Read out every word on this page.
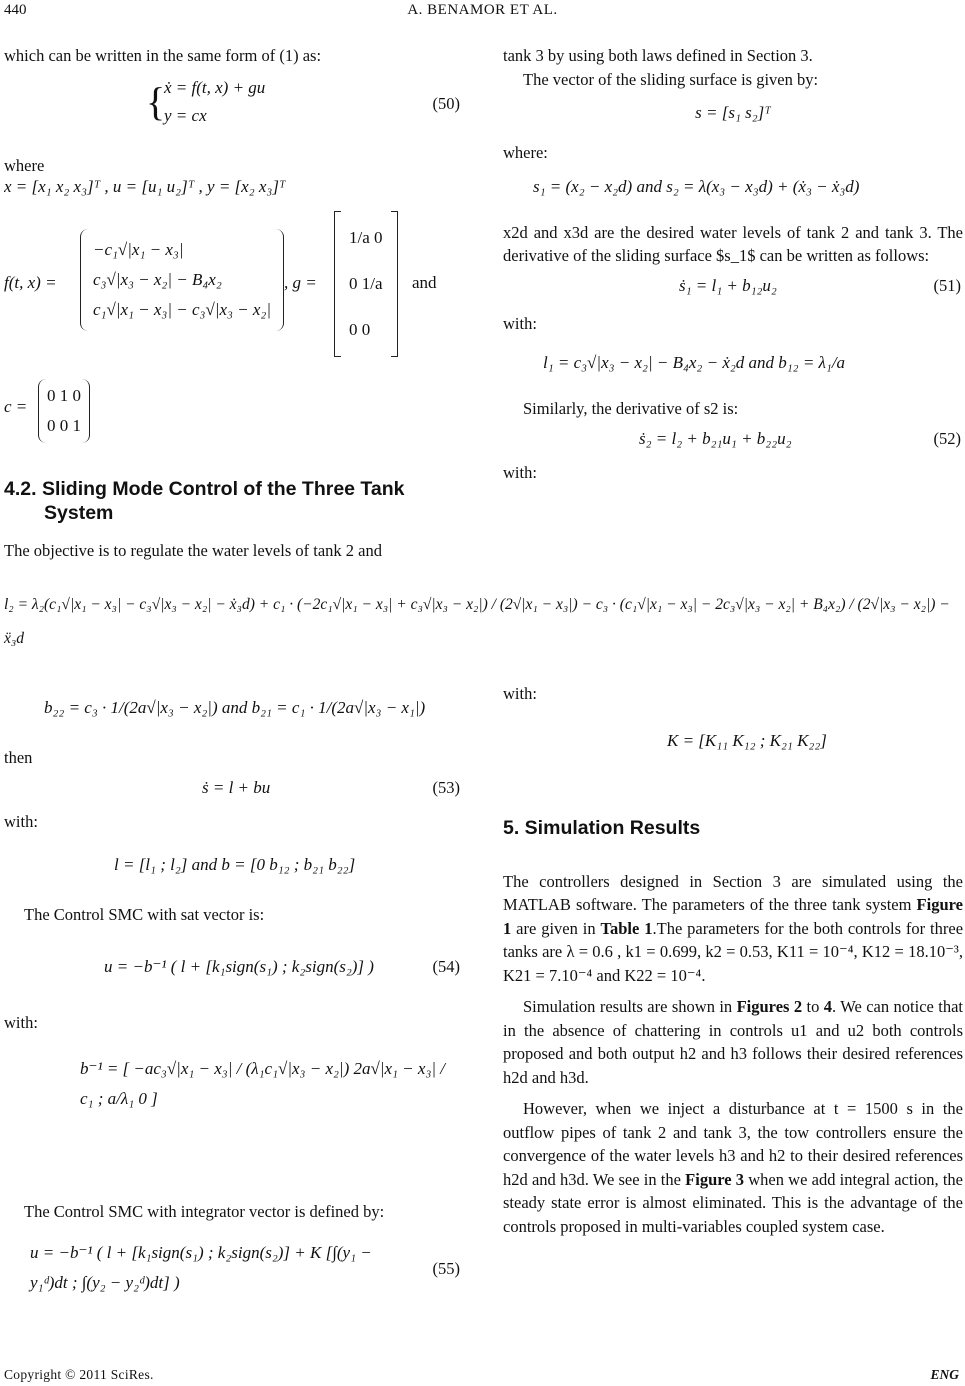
440	A. BENAMOR ET AL.

which can be written in the same form of (1) as:

{
ẋ = f(t, x) + gu
y = cx
(50)

where

x = [x₁ x₂ x₃]ᵀ , u = [u₁ u₂]ᵀ , y = [x₂ x₃]ᵀ
f(t, x) =
−c₁√|x₁ − x₃|
c₃√|x₃ − x₂| − B₄x₂
c₁√|x₁ − x₃| − c₃√|x₃ − x₂|
, g =
1/a 0
0 1/a
0 0
and
c =
0 1 0
0 0 1
4.2. Sliding Mode Control of the Three Tank
System

The objective is to regulate the water levels of tank 2 and

tank 3 by using both laws defined in Section 3.

The vector of the sliding surface is given by:

s = [s₁ s₂]ᵀ

where:

s₁ = (x₂ − x₂d) and s₂ = λ(x₃ − x₃d) + (ẋ₃ − ẋ₃d)

x2d and x3d are the desired water levels of tank 2 and tank 3. The derivative of the sliding surface $s_1$ can be written as follows:

ṡ₁ = l₁ + b₁₂u₂	(51)

with:

l₁ = c₃√|x₃ − x₂| − B₄x₂ − ẋ₂d and b₁₂ = λ₁/a

Similarly, the derivative of s2 is:

ṡ₂ = l₂ + b₂₁u₁ + b₂₂u₂	(52)

with:

l₂ = λ₂(c₁√|x₁ − x₃| − c₃√|x₃ − x₂| − ẋ₃d) + c₁ · (−2c₁√|x₁ − x₃| + c₃√|x₃ − x₂|) / (2√|x₁ − x₃|) − c₃ · (c₁√|x₁ − x₃| − 2c₃√|x₃ − x₂| + B₄x₂) / (2√|x₃ − x₂|) − ẍ₃d
b₂₂ = c₃ · 1/(2a√|x₃ − x₂|) and b₂₁ = c₁ · 1/(2a√|x₃ − x₁|)

then

ṡ = l + bu	(53)

with:

l = [l₁ ; l₂] and b = [0 b₁₂ ; b₂₁ b₂₂]

The Control SMC with sat vector is:

u = −b⁻¹ ( l + [k₁sign(s₁) ; k₂sign(s₂)] )	(54)

with:

b⁻¹ = [ −ac₃√|x₁ − x₃| / (λ₁c₁√|x₃ − x₂|) 2a√|x₁ − x₃| / c₁ ; a/λ₁ 0 ]

The Control SMC with integrator vector is defined by:

u = −b⁻¹ ( l + [k₁sign(s₁) ; k₂sign(s₂)] + K [∫(y₁ − y₁ᵈ)dt ; ∫(y₂ − y₂ᵈ)dt] )
(55)

with:

K = [K₁₁ K₁₂ ; K₂₁ K₂₂]
5. Simulation Results

The controllers designed in Section 3 are simulated using the MATLAB software. The parameters of the three tank system Figure 1 are given in Table 1.The parameters for the both controls for three tanks are λ = 0.6 , k1 = 0.699, k2 = 0.53, K11 = 10⁻⁴, K12 = 18.10⁻³, K21 = 7.10⁻⁴ and K22 = 10⁻⁴.

Simulation results are shown in Figures 2 to 4. We can notice that in the absence of chattering in controls u1 and u2 both controls proposed and both output h2 and h3 follows their desired references h2d and h3d.

However, when we inject a disturbance at t = 1500 s in the outflow pipes of tank 2 and tank 3, the tow controllers ensure the convergence of the water levels h3 and h2 to their desired references h2d and h3d. We see in the Figure 3 when we add integral action, the steady state error is almost eliminated. This is the advantage of the controls proposed in multi-variables coupled system case.

Copyright © 2011 SciRes.	ENG
